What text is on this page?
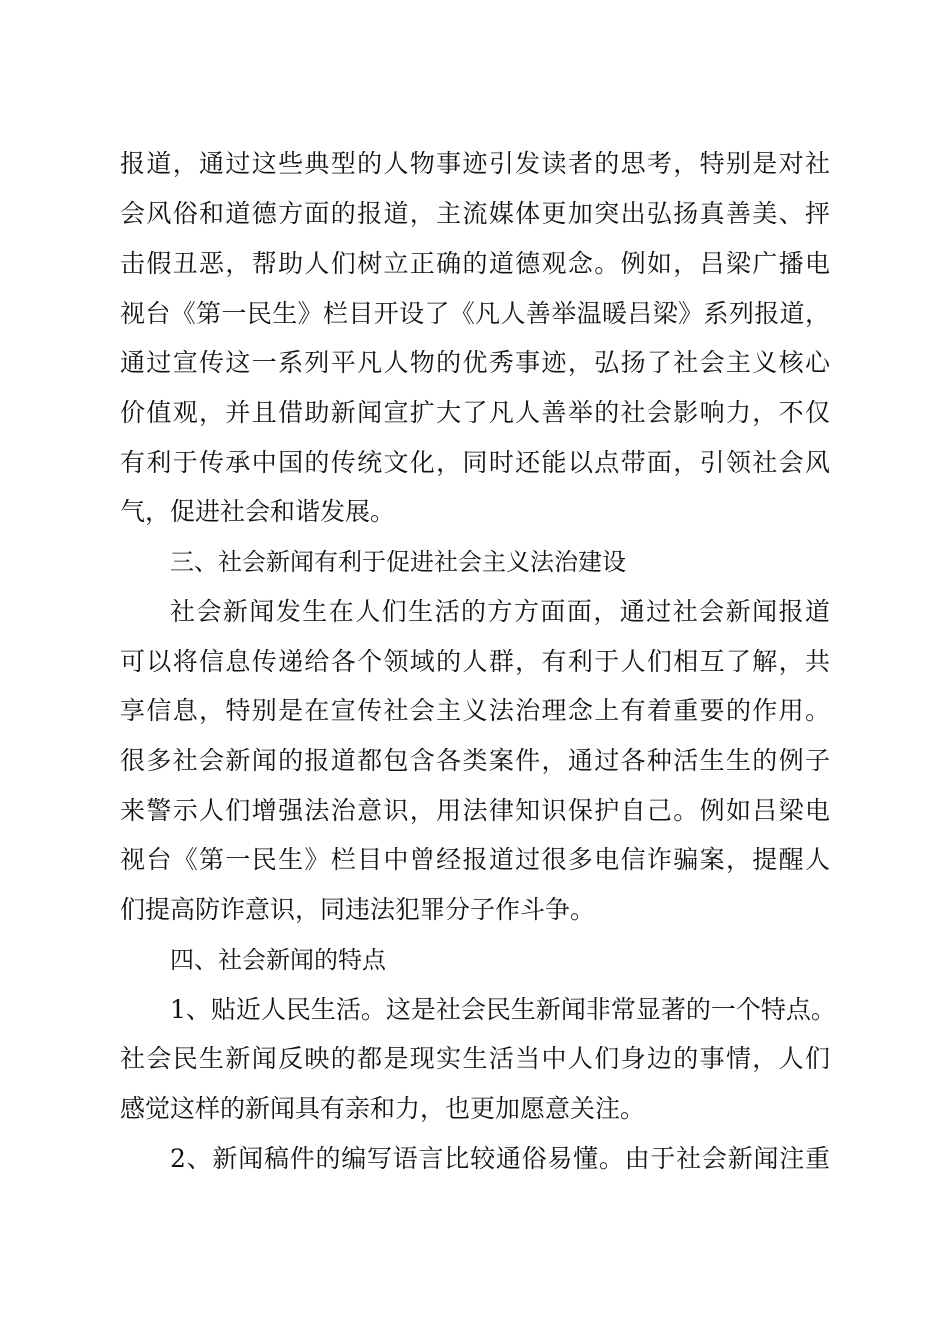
报道，通过这些典型的人物事迹引发读者的思考，特别是对社
会风俗和道德方面的报道，主流媒体更加突出弘扬真善美、抨
击假丑恶，帮助人们树立正确的道德观念。例如，吕梁广播电
视台《第一民生》栏目开设了《凡人善举温暖吕梁》系列报道，
通过宣传这一系列平凡人物的优秀事迹，弘扬了社会主义核心
价值观，并且借助新闻宣扩大了凡人善举的社会影响力，不仅
有利于传承中国的传统文化，同时还能以点带面，引领社会风
气，促进社会和谐发展。
三、社会新闻有利于促进社会主义法治建设
社会新闻发生在人们生活的方方面面，通过社会新闻报道
可以将信息传递给各个领域的人群，有利于人们相互了解，共
享信息，特别是在宣传社会主义法治理念上有着重要的作用。
很多社会新闻的报道都包含各类案件，通过各种活生生的例子
来警示人们增强法治意识，用法律知识保护自己。例如吕梁电
视台《第一民生》栏目中曾经报道过很多电信诈骗案，提醒人
们提高防诈意识，同违法犯罪分子作斗争。
四、社会新闻的特点
1、贴近人民生活。这是社会民生新闻非常显著的一个特点。
社会民生新闻反映的都是现实生活当中人们身边的事情，人们
感觉这样的新闻具有亲和力，也更加愿意关注。
2、新闻稿件的编写语言比较通俗易懂。由于社会新闻注重
